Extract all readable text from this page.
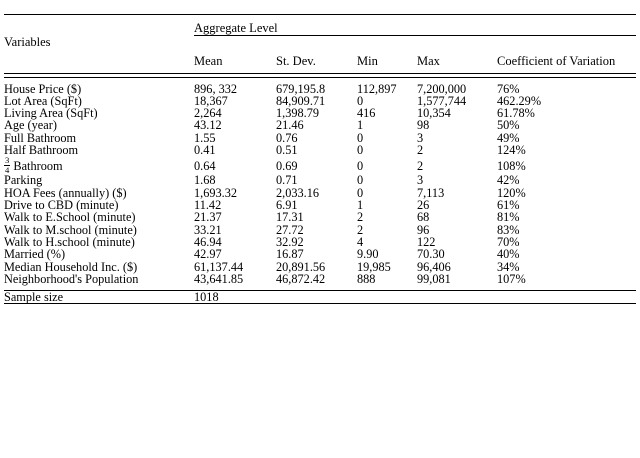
	Aggregate Level				

Variables					

	Mean	St. Dev.	Min	Max	Coefficient of Variation

House Price ($)	896, 332	679,195.8	112,897	7,200,000	76%
Lot Area (SqFt)	18,367	84,909.71	0	1,577,744	462.29%
Living Area (SqFt)	2,264	1,398.79	416	10,354	61.78%
Age (year)	43.12	21.46	1	98	50%
Full Bathroom	1.55	0.76	0	3	49%
Half Bathroom	0.41	0.51	0	2	124%

$\frac{3}{4}$ Bathroom	0.64	0.69	0	2	108%
Parking	1.68	0.71	0	3	42%
HOA Fees (annually) ($)	1,693.32	2,033.16	0	7,113	120%
Drive to CBD (minute)	11.42	6.91	1	26	61%
Walk to E.School (minute)	21.37	17.31	2	68	81%
Walk to M.school (minute)	33.21	27.72	2	96	83%
Walk to H.school (minute)	46.94	32.92	4	122	70%
Married (%)	42.97	16.87	9.90	70.30	40%
Median Household Inc. ($)	61,137.44	20,891.56	19,985	96,406	34%
Neighborhood's Population	43,641.85	46,872.42	888	99,081	107%

Sample size	1018				
